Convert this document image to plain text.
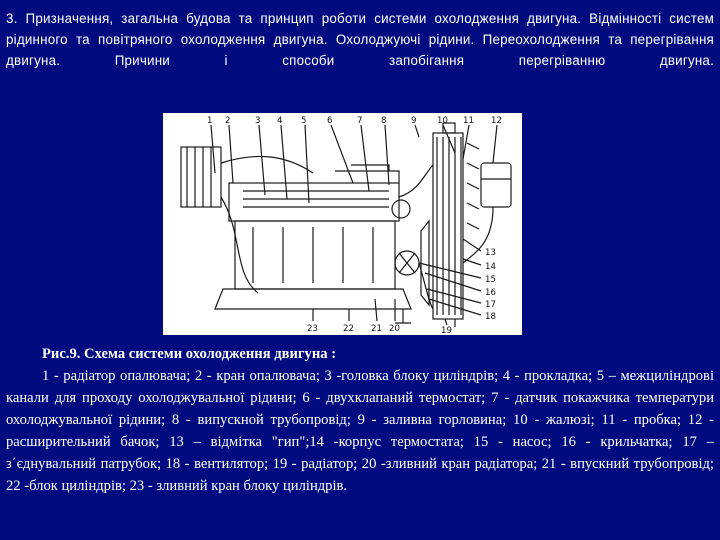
3. Призначення, загальна будова та принцип роботи системи охолодження двигуна. Відмінності систем рідинного та повітряного охолодження двигуна. Охолоджуючі рідини. Переохолодження та перегрівання двигуна. Причини і способи запобігання перегріванню двигуна.

1 2	3 4 5 6	7 8	9 10 11 12
13
14
15
16
17
18
23	22 21 20	19

Рис.9. Схема системи охолодження двигуна :
1 - радіатор опалювача; 2 - кран опалювача; 3 -головка блоку циліндрів; 4 - прокладка; 5 – межциліндрові канали для проходу охолоджувальної рідини; 6 - двухклапаний термостат; 7 - датчик покажчика температури охолоджувальної рідини; 8 - випускной трубопровід; 9 - заливна горловина; 10 - жалюзі; 11 - пробка; 12 - расширительний бачок; 13 – відмітка "гип";14 -корпус термостата; 15 - насос; 16 - крильчатка; 17 – з΄єднувальний патрубок; 18 - вентилятор; 19 - радіатор; 20 -зливний кран радіатора; 21 - впускний трубопровід; 22 -блок циліндрів; 23 - зливний кран блоку циліндрів.
